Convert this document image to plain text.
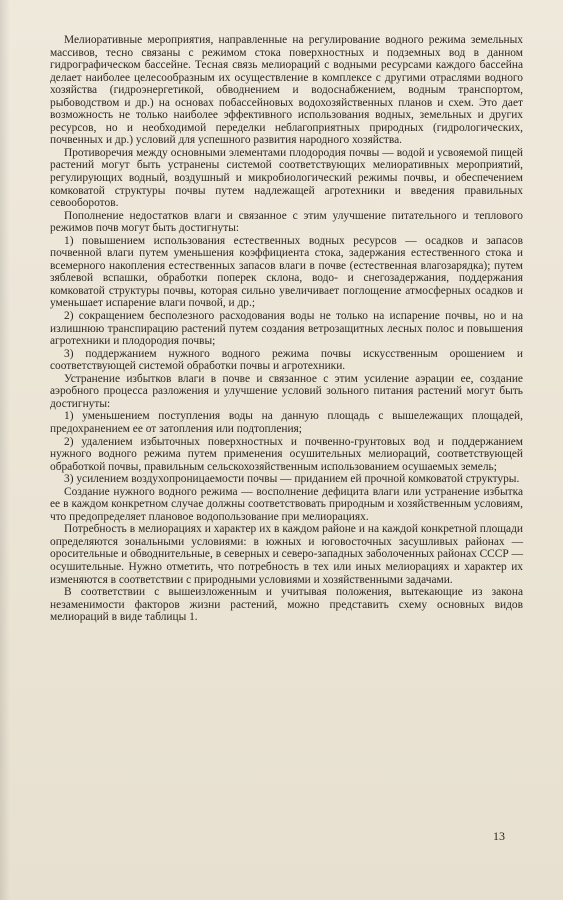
Мелиоративные мероприятия, направленные на регулирование водного режима земельных массивов, тесно связаны с режимом стока поверхностных и подземных вод в данном гидрографическом бассейне. Тесная связь мелиораций с водными ресурсами каждого бассейна делает наиболее целесообразным их осуществление в комплексе с другими отраслями водного хозяйства (гидроэнергетикой, обводнением и водоснабжением, водным транспортом, рыбоводством и др.) на основах побассейновых водохозяйственных планов и схем. Это дает возможность не только наиболее эффективного использования водных, земельных и других ресурсов, но и необходимой переделки неблагоприятных природных (гидрологических, почвенных и др.) условий для успешного развития народного хозяйства.

Противоречия между основными элементами плодородия почвы — водой и усвояемой пищей растений могут быть устранены системой соответствующих мелиоративных мероприятий, регулирующих водный, воздушный и микробиологический режимы почвы, и обеспечением комковатой структуры почвы путем надлежащей агротехники и введения правильных севооборотов.

Пополнение недостатков влаги и связанное с этим улучшение питательного и теплового режимов почв могут быть достигнуты:

1) повышением использования естественных водных ресурсов — осадков и запасов почвенной влаги путем уменьшения коэффициента стока, задержания естественного стока и всемерного накопления естественных запасов влаги в почве (естественная влагозарядка); путем зяблевой вспашки, обработки поперек склона, водо- и снегозадержания, поддержания комковатой структуры почвы, которая сильно увеличивает поглощение атмосферных осадков и уменьшает испарение влаги почвой, и др.;

2) сокращением бесполезного расходования воды не только на испарение почвы, но и на излишнюю транспирацию растений путем создания ветрозащитных лесных полос и повышения агротехники и плодородия почвы;

3) поддержанием нужного водного режима почвы искусственным орошением и соответствующей системой обработки почвы и агротехники.

Устранение избытков влаги в почве и связанное с этим усиление аэрации ее, создание аэробного процесса разложения и улучшение условий зольного питания растений могут быть достигнуты:

1) уменьшением поступления воды на данную площадь с вышележащих площадей, предохранением ее от затопления или подтопления;

2) удалением избыточных поверхностных и почвенно-грунтовых вод и поддержанием нужного водного режима путем применения осушительных мелиораций, соответствующей обработкой почвы, правильным сельскохозяйственным использованием осушаемых земель;

3) усилением воздухопроницаемости почвы — приданием ей прочной комковатой структуры.

Создание нужного водного режима — восполнение дефицита влаги или устранение избытка ее в каждом конкретном случае должны соответствовать природным и хозяйственным условиям, что предопределяет плановое водопользование при мелиорациях.

Потребность в мелиорациях и характер их в каждом районе и на каждой конкретной площади определяются зональными условиями: в южных и юговосточных засушливых районах — оросительные и обводнительные, в северных и северо-западных заболоченных районах СССР — осушительные. Нужно отметить, что потребность в тех или иных мелиорациях и характер их изменяются в соответствии с природными условиями и хозяйственными задачами.

В соответствии с вышеизложенным и учитывая положения, вытекающие из закона незаменимости факторов жизни растений, можно представить схему основных видов мелиораций в виде таблицы 1.

13
